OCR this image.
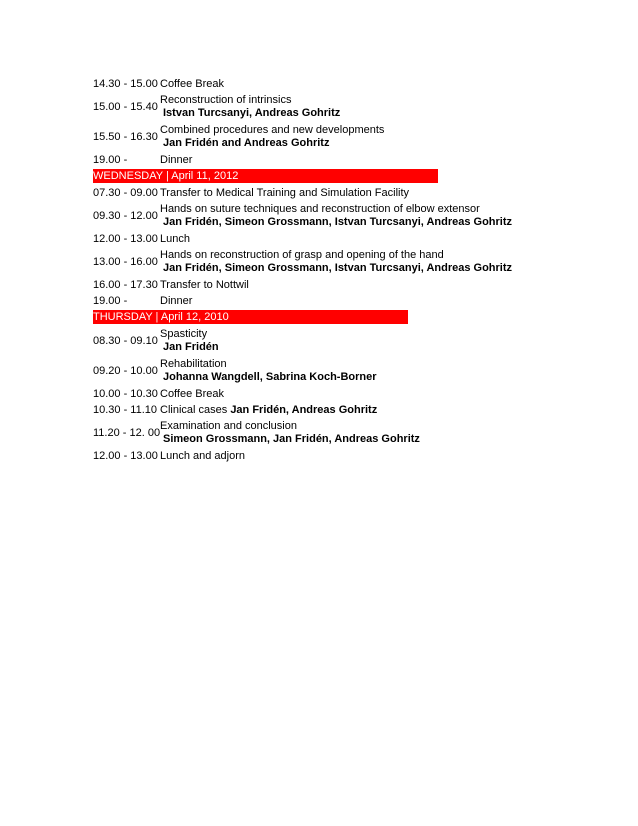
14.30 - 15.00 Coffee Break
15.00 - 15.40
Reconstruction of intrinsics
Istvan Turcsanyi, Andreas Gohritz
15.50 - 16.30
Combined procedures and new developments
Jan Fridén and Andreas Gohritz
19.00 -	Dinner
WEDNESDAY | April 11, 2012
07.30 - 09.00 Transfer to Medical Training and Simulation Facility
09.30 - 12.00
Hands on suture techniques and reconstruction of elbow extensor
Jan Fridén, Simeon Grossmann, Istvan Turcsanyi, Andreas Gohritz
12.00 - 13.00 Lunch
13.00 - 16.00
Hands on reconstruction of grasp and opening of the hand
Jan Fridén, Simeon Grossmann, Istvan Turcsanyi, Andreas Gohritz
16.00 - 17.30 Transfer to Nottwil
19.00 -	Dinner
THURSDAY | April 12, 2010
08.30 - 09.10
Spasticity
Jan Fridén
09.20 - 10.00
Rehabilitation
Johanna Wangdell, Sabrina Koch-Borner
10.00 - 10.30 Coffee Break
10.30 - 11.10 Clinical cases Jan Fridén, Andreas Gohritz
11.20 - 12. 00
Examination and conclusion
Simeon Grossmann, Jan Fridén, Andreas Gohritz
12.00 - 13.00 Lunch and adjorn
